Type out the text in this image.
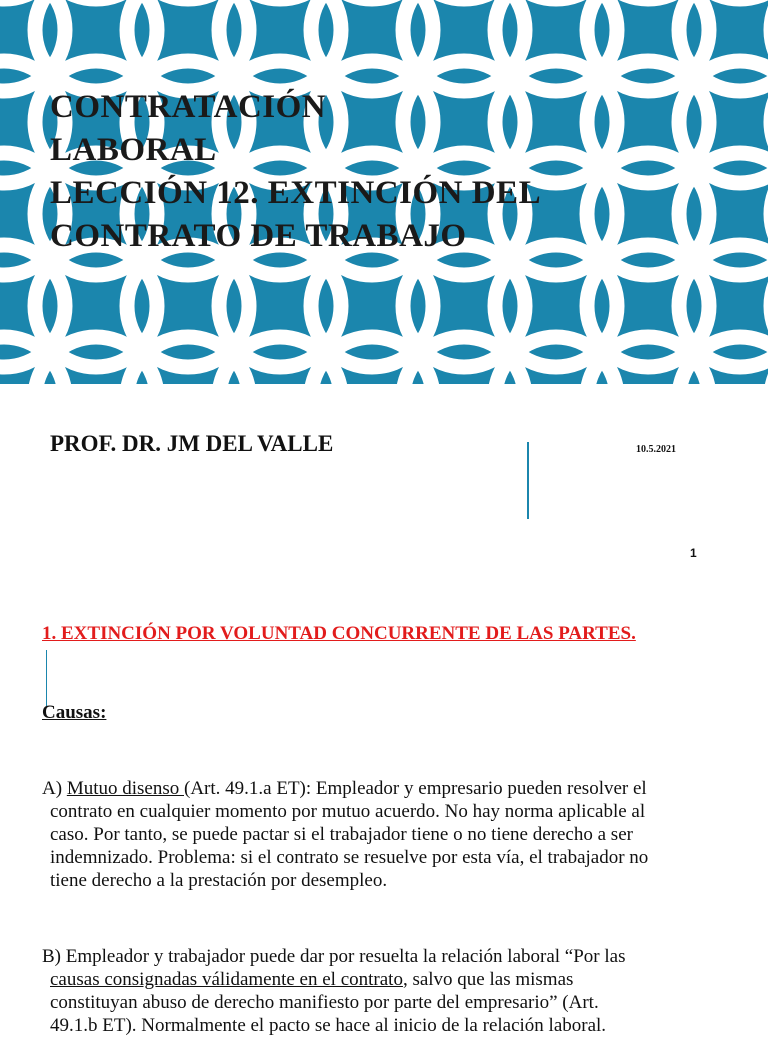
CONTRATACIÓN
LABORAL
LECCIÓN 12. EXTINCIÓN DEL
CONTRATO DE TRABAJO
PROF. DR. JM DEL VALLE	10.5.2021
1
1. EXTINCIÓN POR VOLUNTAD CONCURRENTE DE LAS PARTES.
Causas:
A) Mutuo disenso (Art. 49.1.a ET): Empleador y empresario pueden resolver el
contrato en cualquier momento por mutuo acuerdo. No hay norma aplicable al
caso. Por tanto, se puede pactar si el trabajador tiene o no tiene derecho a ser
indemnizado. Problema: si el contrato se resuelve por esta vía, el trabajador no
tiene derecho a la prestación por desempleo.
B) Empleador y trabajador puede dar por resuelta la relación laboral “Por las
causas consignadas válidamente en el contrato, salvo que las mismas
constituyan abuso de derecho manifiesto por parte del empresario” (Art.
49.1.b ET). Normalmente el pacto se hace al inicio de la relación laboral.
